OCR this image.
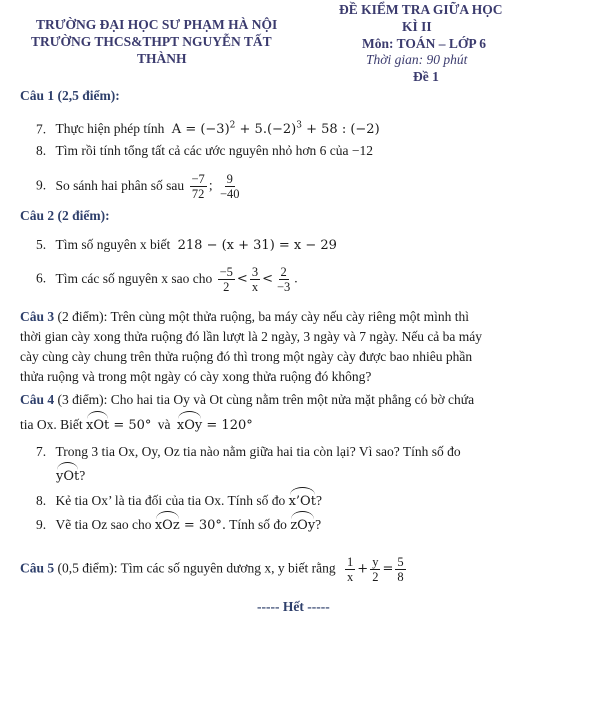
TRƯỜNG ĐẠI HỌC SƯ PHẠM HÀ NỘI
TRƯỜNG THCS&THPT NGUYỄN TẤT
THÀNH
ĐỀ KIỂM TRA GIỮA HỌC
KÌ II
Môn: TOÁN – LỚP 6
Thời gian: 90 phút
Đề 1
Câu 1 (2,5 điểm):
7. Thực hiện phép tính $A = (-3)^2 + 5.(-2)^3 + 58$ : (−2)
8. Tìm rồi tính tổng tất cả các ước nguyên nhỏ hơn 6 của −12
9. So sánh hai phân số sau $\frac{-7}{72}$ ; $\frac{9}{-40}$
Câu 2 (2 điểm):
5. Tìm số nguyên x biết 218 − (x + 31) = x − 29
6. Tìm các số nguyên x sao cho $\frac{-5}{2} < \frac{3}{x} < \frac{2}{-3}$ .
Câu 3 (2 điểm): Trên cùng một thửa ruộng, ba máy cày nếu cày riêng một mình thì
thời gian cày xong thửa ruộng đó lần lượt là 2 ngày, 3 ngày và 7 ngày. Nếu cả ba máy
cày cùng cày chung trên thửa ruộng đó thì trong một ngày cày được bao nhiêu phần
thửa ruộng và trong một ngày có cày xong thửa ruộng đó không?
Câu 4 (3 điểm): Cho hai tia Oy và Ot cùng nằm trên một nửa mặt phẳng có bờ chứa
tia Ox. Biết xOt = 50° và xOy = 120°
7. Trong 3 tia Ox, Oy, Oz tia nào nằm giữa hai tia còn lại? Vì sao? Tính số đo
yOt?
8. Kẻ tia Ox’ là tia đối của tia Ox. Tính số đo x’Ot?
9. Vẽ tia Oz sao cho xOz = 30°. Tính số đo zOy?
Câu 5 (0,5 điểm): Tìm các số nguyên dương x, y biết rằng $\frac{1}{x} + \frac{y}{2} = \frac{5}{8}$
----- Hết -----
